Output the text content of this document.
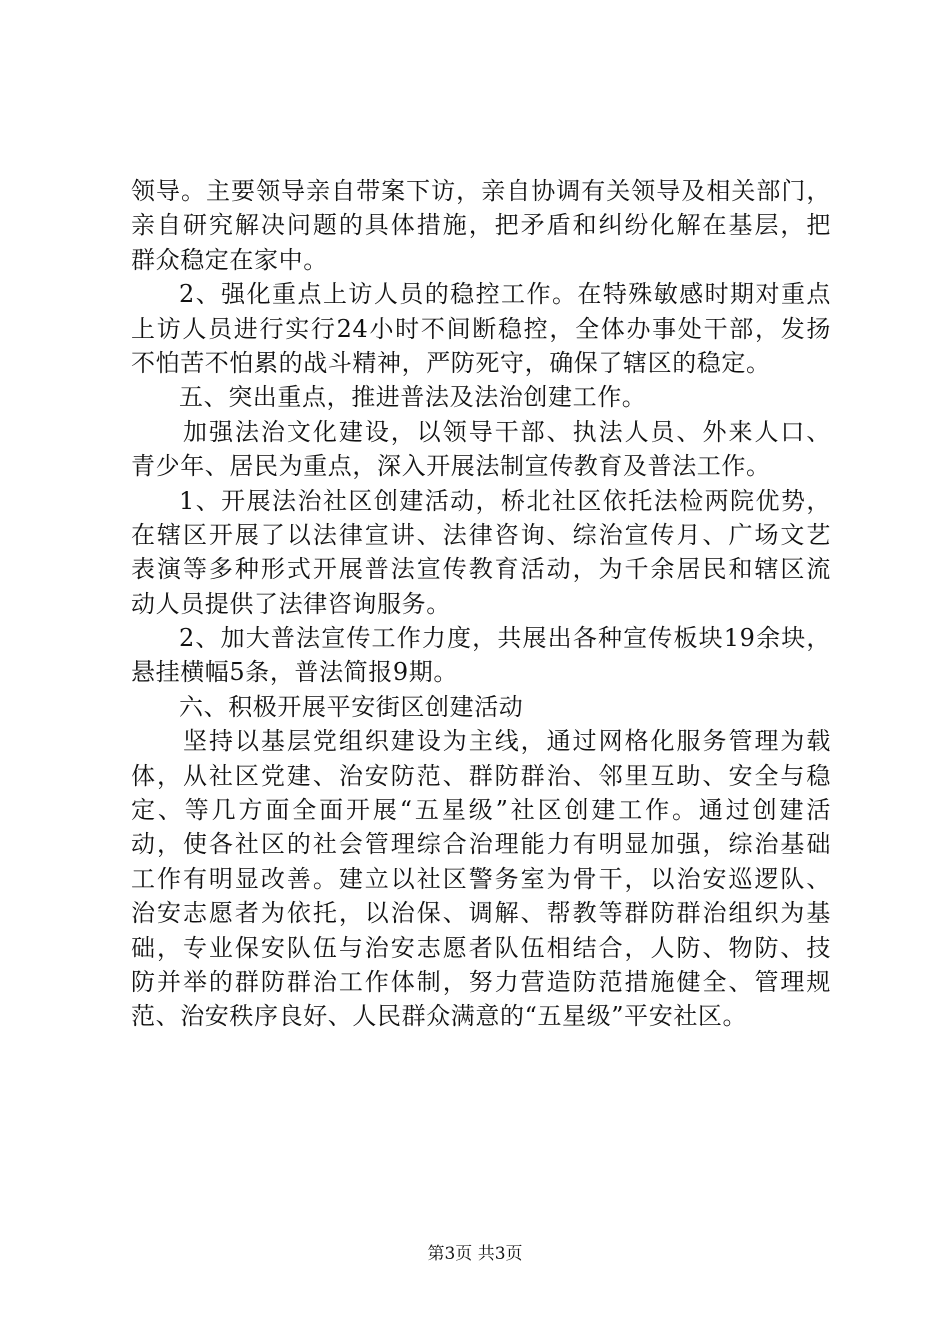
领导。主要领导亲自带案下访，亲自协调有关领导及相关部门，
亲自研究解决问题的具体措施，把矛盾和纠纷化解在基层，把
群众稳定在家中。
2、强化重点上访人员的稳控工作。在特殊敏感时期对重点
上访人员进行实行24小时不间断稳控，全体办事处干部，发扬
不怕苦不怕累的战斗精神，严防死守，确保了辖区的稳定。
五、突出重点，推进普法及法治创建工作。
加强法治文化建设，以领导干部、执法人员、外来人口、
青少年、居民为重点，深入开展法制宣传教育及普法工作。
1、开展法治社区创建活动，桥北社区依托法检两院优势，
在辖区开展了以法律宣讲、法律咨询、综治宣传月、广场文艺
表演等多种形式开展普法宣传教育活动，为千余居民和辖区流
动人员提供了法律咨询服务。
2、加大普法宣传工作力度，共展出各种宣传板块19余块，
悬挂横幅5条，普法简报9期。
六、积极开展平安街区创建活动
坚持以基层党组织建设为主线，通过网格化服务管理为载
体，从社区党建、治安防范、群防群治、邻里互助、安全与稳
定、等几方面全面开展“五星级”社区创建工作。通过创建活
动，使各社区的社会管理综合治理能力有明显加强，综治基础
工作有明显改善。建立以社区警务室为骨干，以治安巡逻队、
治安志愿者为依托，以治保、调解、帮教等群防群治组织为基
础，专业保安队伍与治安志愿者队伍相结合，人防、物防、技
防并举的群防群治工作体制，努力营造防范措施健全、管理规
范、治安秩序良好、人民群众满意的“五星级”平安社区。
第3页 共3页
